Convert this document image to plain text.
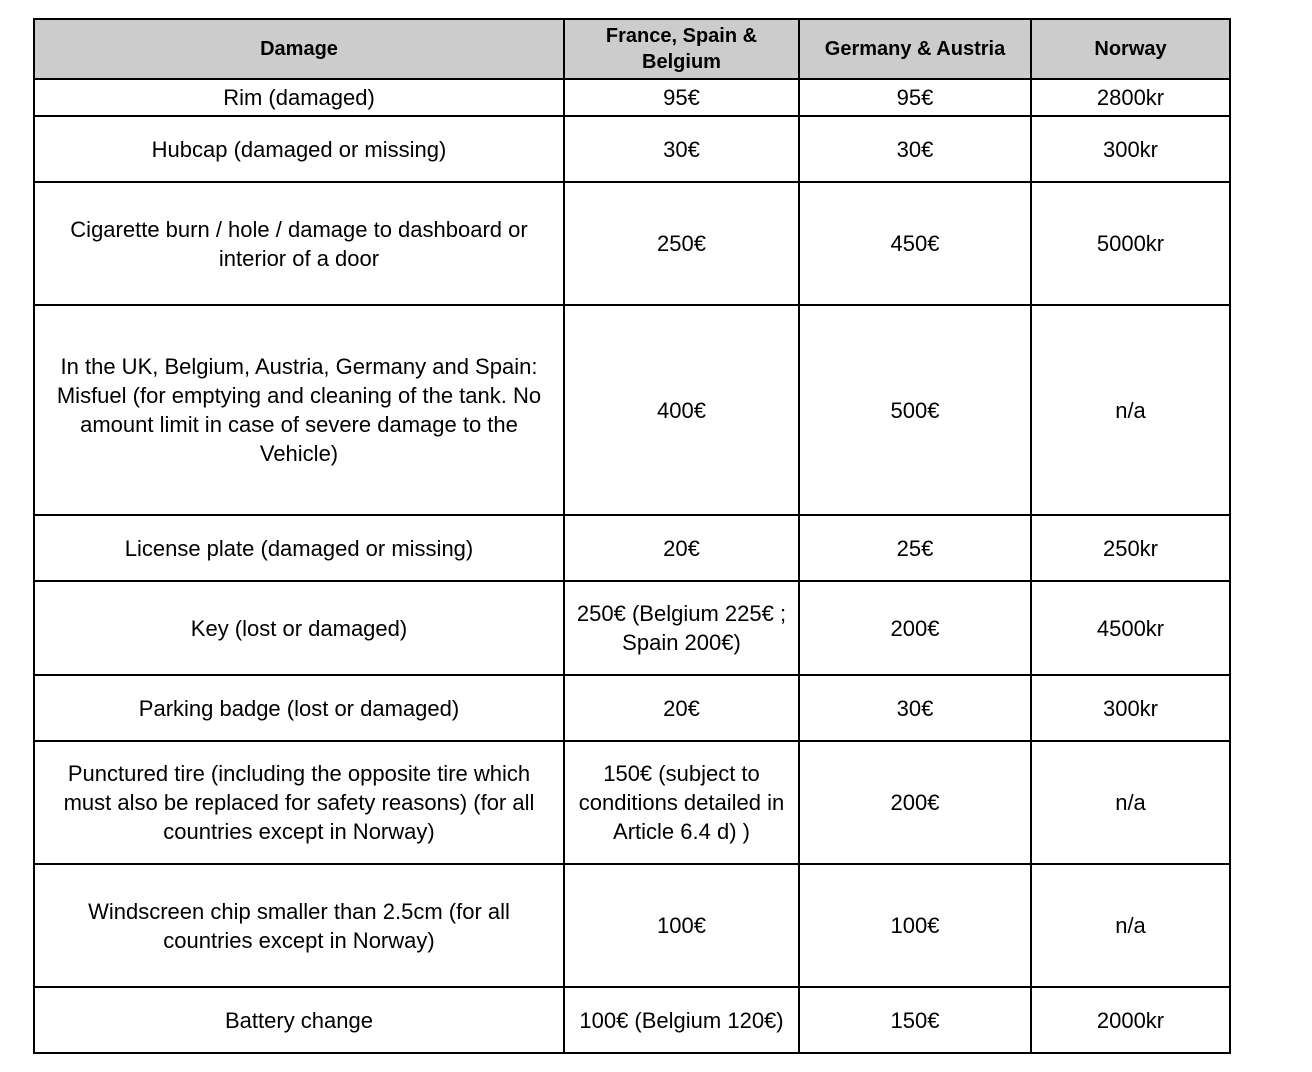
Damage	France, Spain & Belgium	Germany & Austria	Norway
Rim (damaged)	95€	95€	2800kr
Hubcap (damaged or missing)	30€	30€	300kr
Cigarette burn / hole / damage to dashboard or interior of a door	250€	450€	5000kr
In the UK, Belgium, Austria, Germany and Spain: Misfuel (for emptying and cleaning of the tank. No amount limit in case of severe damage to the Vehicle)	400€	500€	n/a
License plate (damaged or missing)	20€	25€	250kr
Key (lost or damaged)	250€ (Belgium 225€ ; Spain 200€)	200€	4500kr
Parking badge (lost or damaged)	20€	30€	300kr
Punctured tire (including the opposite tire which must also be replaced for safety reasons) (for all countries except in Norway)	150€ (subject to conditions detailed in Article 6.4 d) )	200€	n/a
Windscreen chip smaller than 2.5cm (for all countries except in Norway)	100€	100€	n/a
Battery change	100€ (Belgium 120€)	150€	2000kr
